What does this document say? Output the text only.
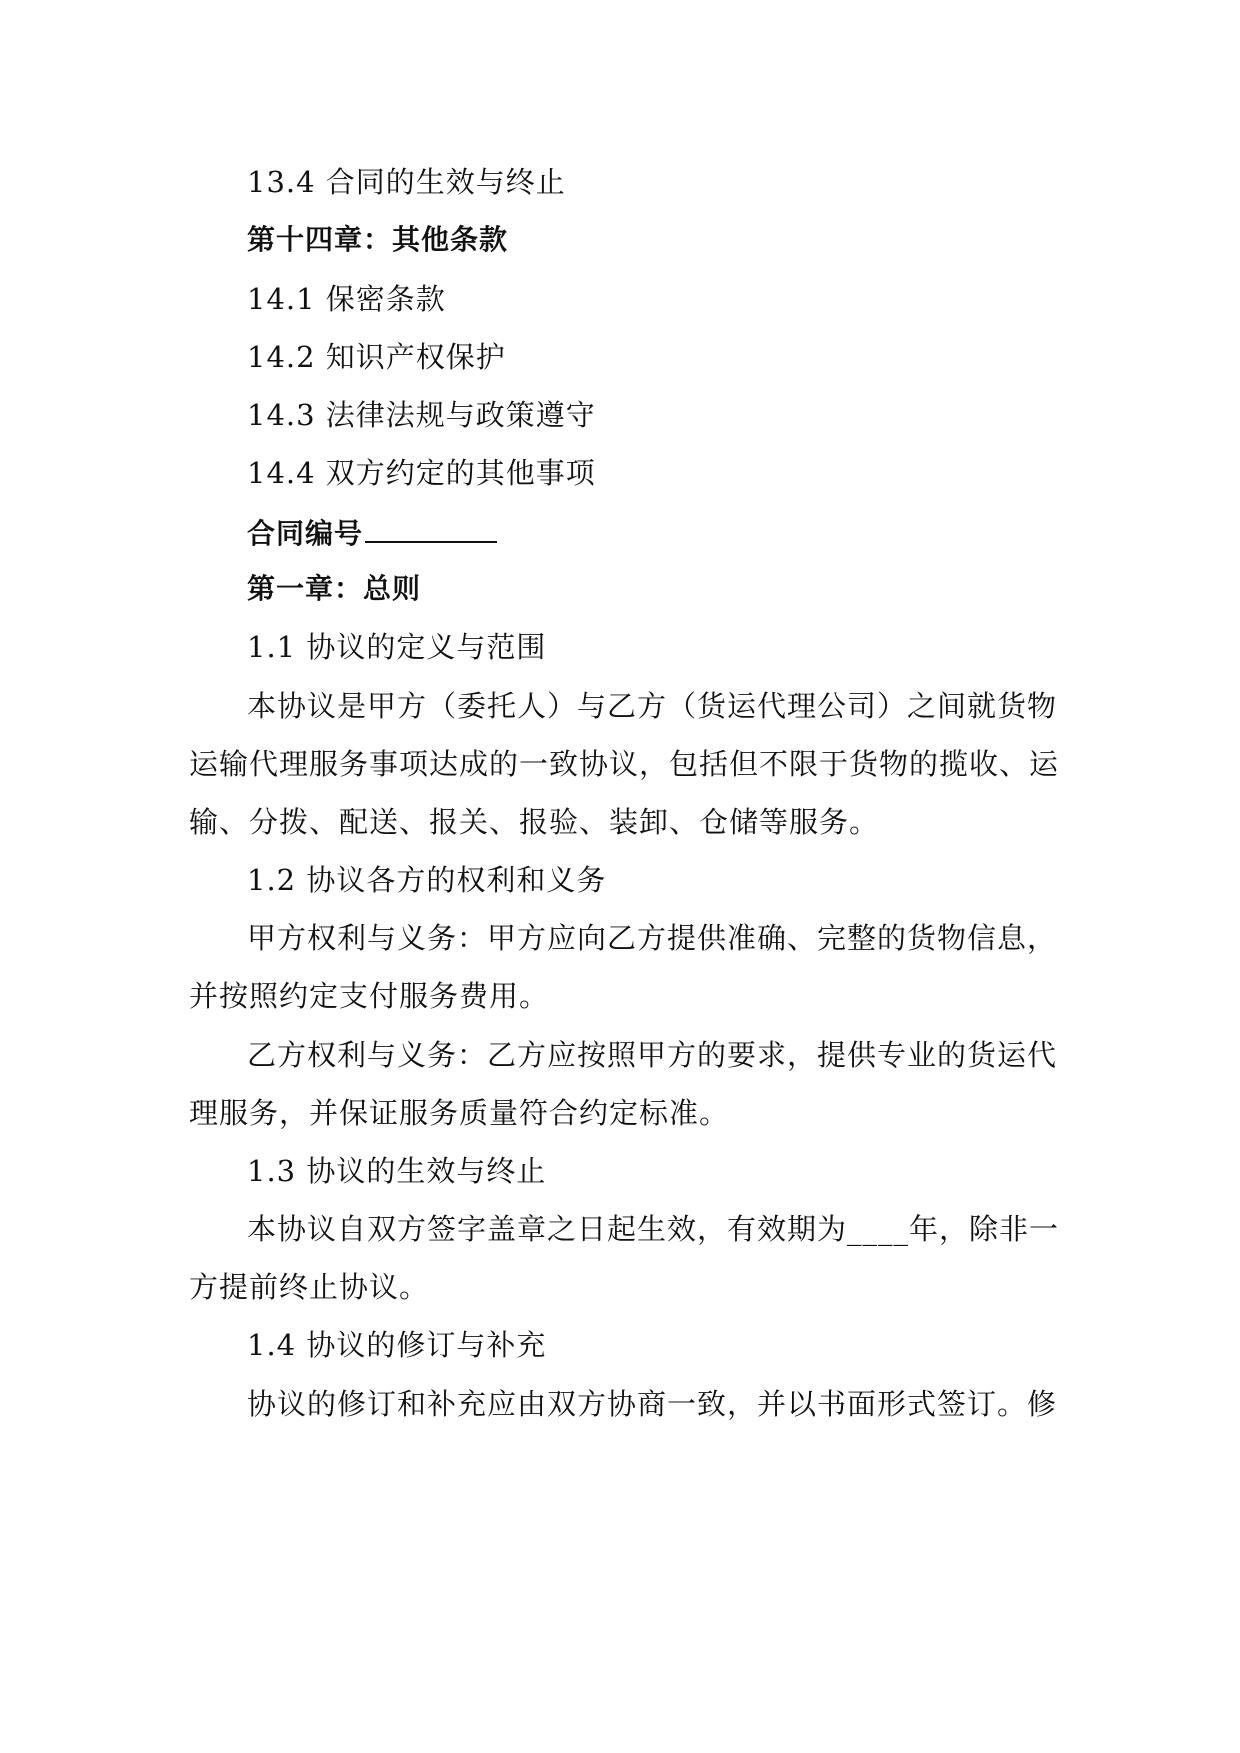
13.4 合同的生效与终止
第十四章：其他条款
14.1 保密条款
14.2 知识产权保护
14.3 法律法规与政策遵守
14.4 双方约定的其他事项
合同编号
第一章：总则
1.1 协议的定义与范围
本协议是甲方（委托人）与乙方（货运代理公司）之间就货物
运输代理服务事项达成的一致协议，包括但不限于货物的揽收、运
输、分拨、配送、报关、报验、装卸、仓储等服务。
1.2 协议各方的权利和义务
甲方权利与义务：甲方应向乙方提供准确、完整的货物信息，
并按照约定支付服务费用。
乙方权利与义务：乙方应按照甲方的要求，提供专业的货运代
理服务，并保证服务质量符合约定标准。
1.3 协议的生效与终止
本协议自双方签字盖章之日起生效，有效期为____年，除非一
方提前终止协议。
1.4 协议的修订与补充
协议的修订和补充应由双方协商一致，并以书面形式签订。修
